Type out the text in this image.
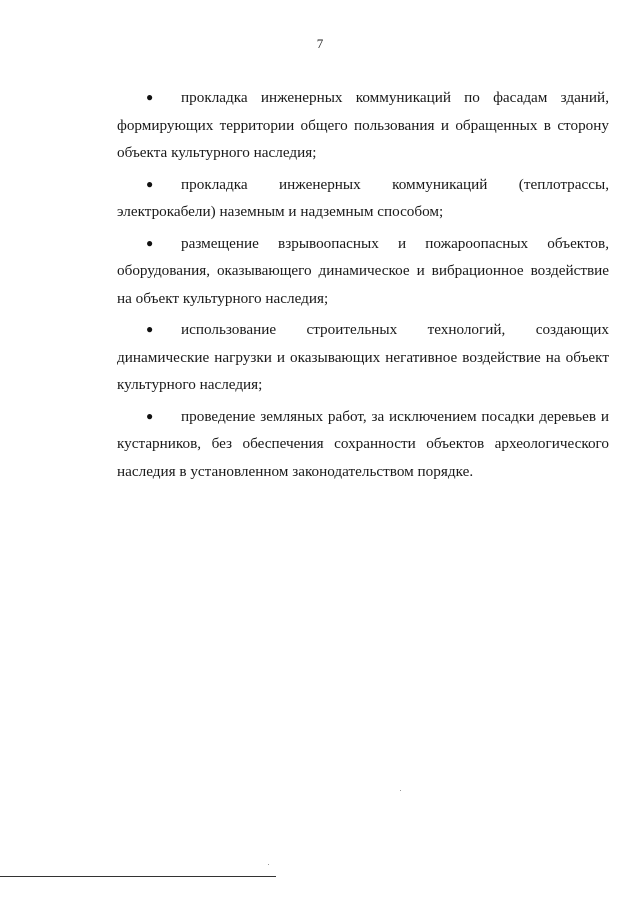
7

● прокладка инженерных коммуникаций по фасадам зданий, формирующих территории общего пользования и обращенных в сторону объекта культурного наследия;

● прокладка инженерных коммуникаций (теплотрассы, электрокабели) наземным и надземным способом;

● размещение взрывоопасных и пожароопасных объектов, оборудования, оказывающего динамическое и вибрационное воздействие на объект культурного наследия;

● использование строительных технологий, создающих динамические нагрузки и оказывающих негативное воздействие на объект культурного наследия;

● проведение земляных работ, за исключением посадки деревьев и кустарников, без обеспечения сохранности объектов археологического наследия в установленном законодательством порядке.
